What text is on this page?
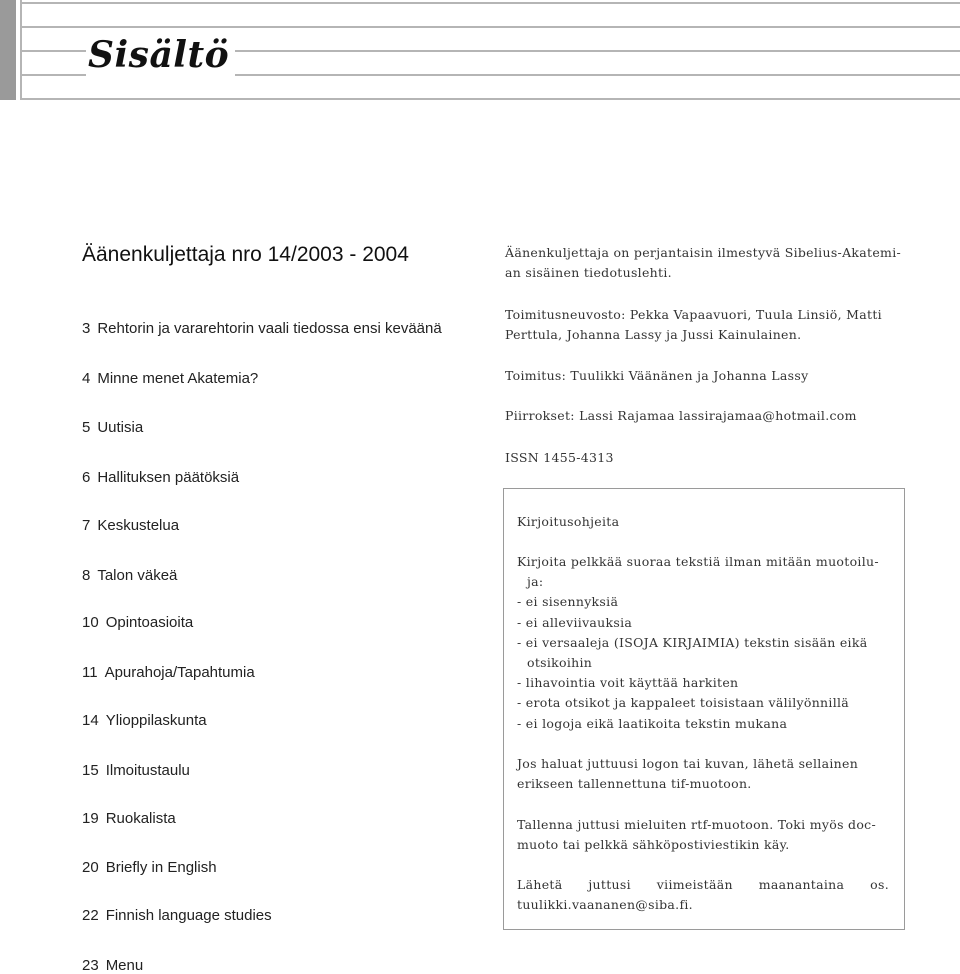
Sisältö
Äänenkuljettaja nro 14/2003 - 2004
3 Rehtorin ja vararehtorin vaali tiedossa ensi keväänä
4 Minne menet Akatemia?
5 Uutisia
6 Hallituksen päätöksiä
7 Keskustelua
8 Talon väkeä
10 Opintoasioita
11 Apurahoja/Tapahtumia
14 Ylioppilaskunta
15 Ilmoitustaulu
19 Ruokalista
20 Briefly in English
22 Finnish language studies
23 Menu
Äänenkuljettaja on perjantaisin ilmestyvä Sibelius-Akatemi-
an sisäinen tiedotuslehti.
Toimitusneuvosto: Pekka Vapaavuori, Tuula Linsiö, Matti
Perttula, Johanna Lassy ja Jussi Kainulainen.
Toimitus: Tuulikki Väänänen ja Johanna Lassy
Piirrokset: Lassi Rajamaa lassirajamaa@hotmail.com
ISSN 1455-4313
Kirjoitusohjeita
Kirjoita pelkkää suoraa tekstiä ilman mitään muotoilu-
ja:
- ei sisennyksiä
- ei alleviivauksia
- ei versaaleja (ISOJA KIRJAIMIA) tekstin sisään eikä
otsikoihin
- lihavointia voit käyttää harkiten
- erota otsikot ja kappaleet toisistaan välilyönnillä
- ei logoja eikä laatikoita tekstin mukana
Jos haluat juttuusi logon tai kuvan, lähetä sellainen
erikseen tallennettuna tif-muotoon.
Tallenna juttusi mieluiten rtf-muotoon. Toki myös doc-
muoto tai pelkkä sähköpostiviestikin käy.
Lähetä juttusi viimeistään maanantaina os.
tuulikki.vaananen@siba.fi.
